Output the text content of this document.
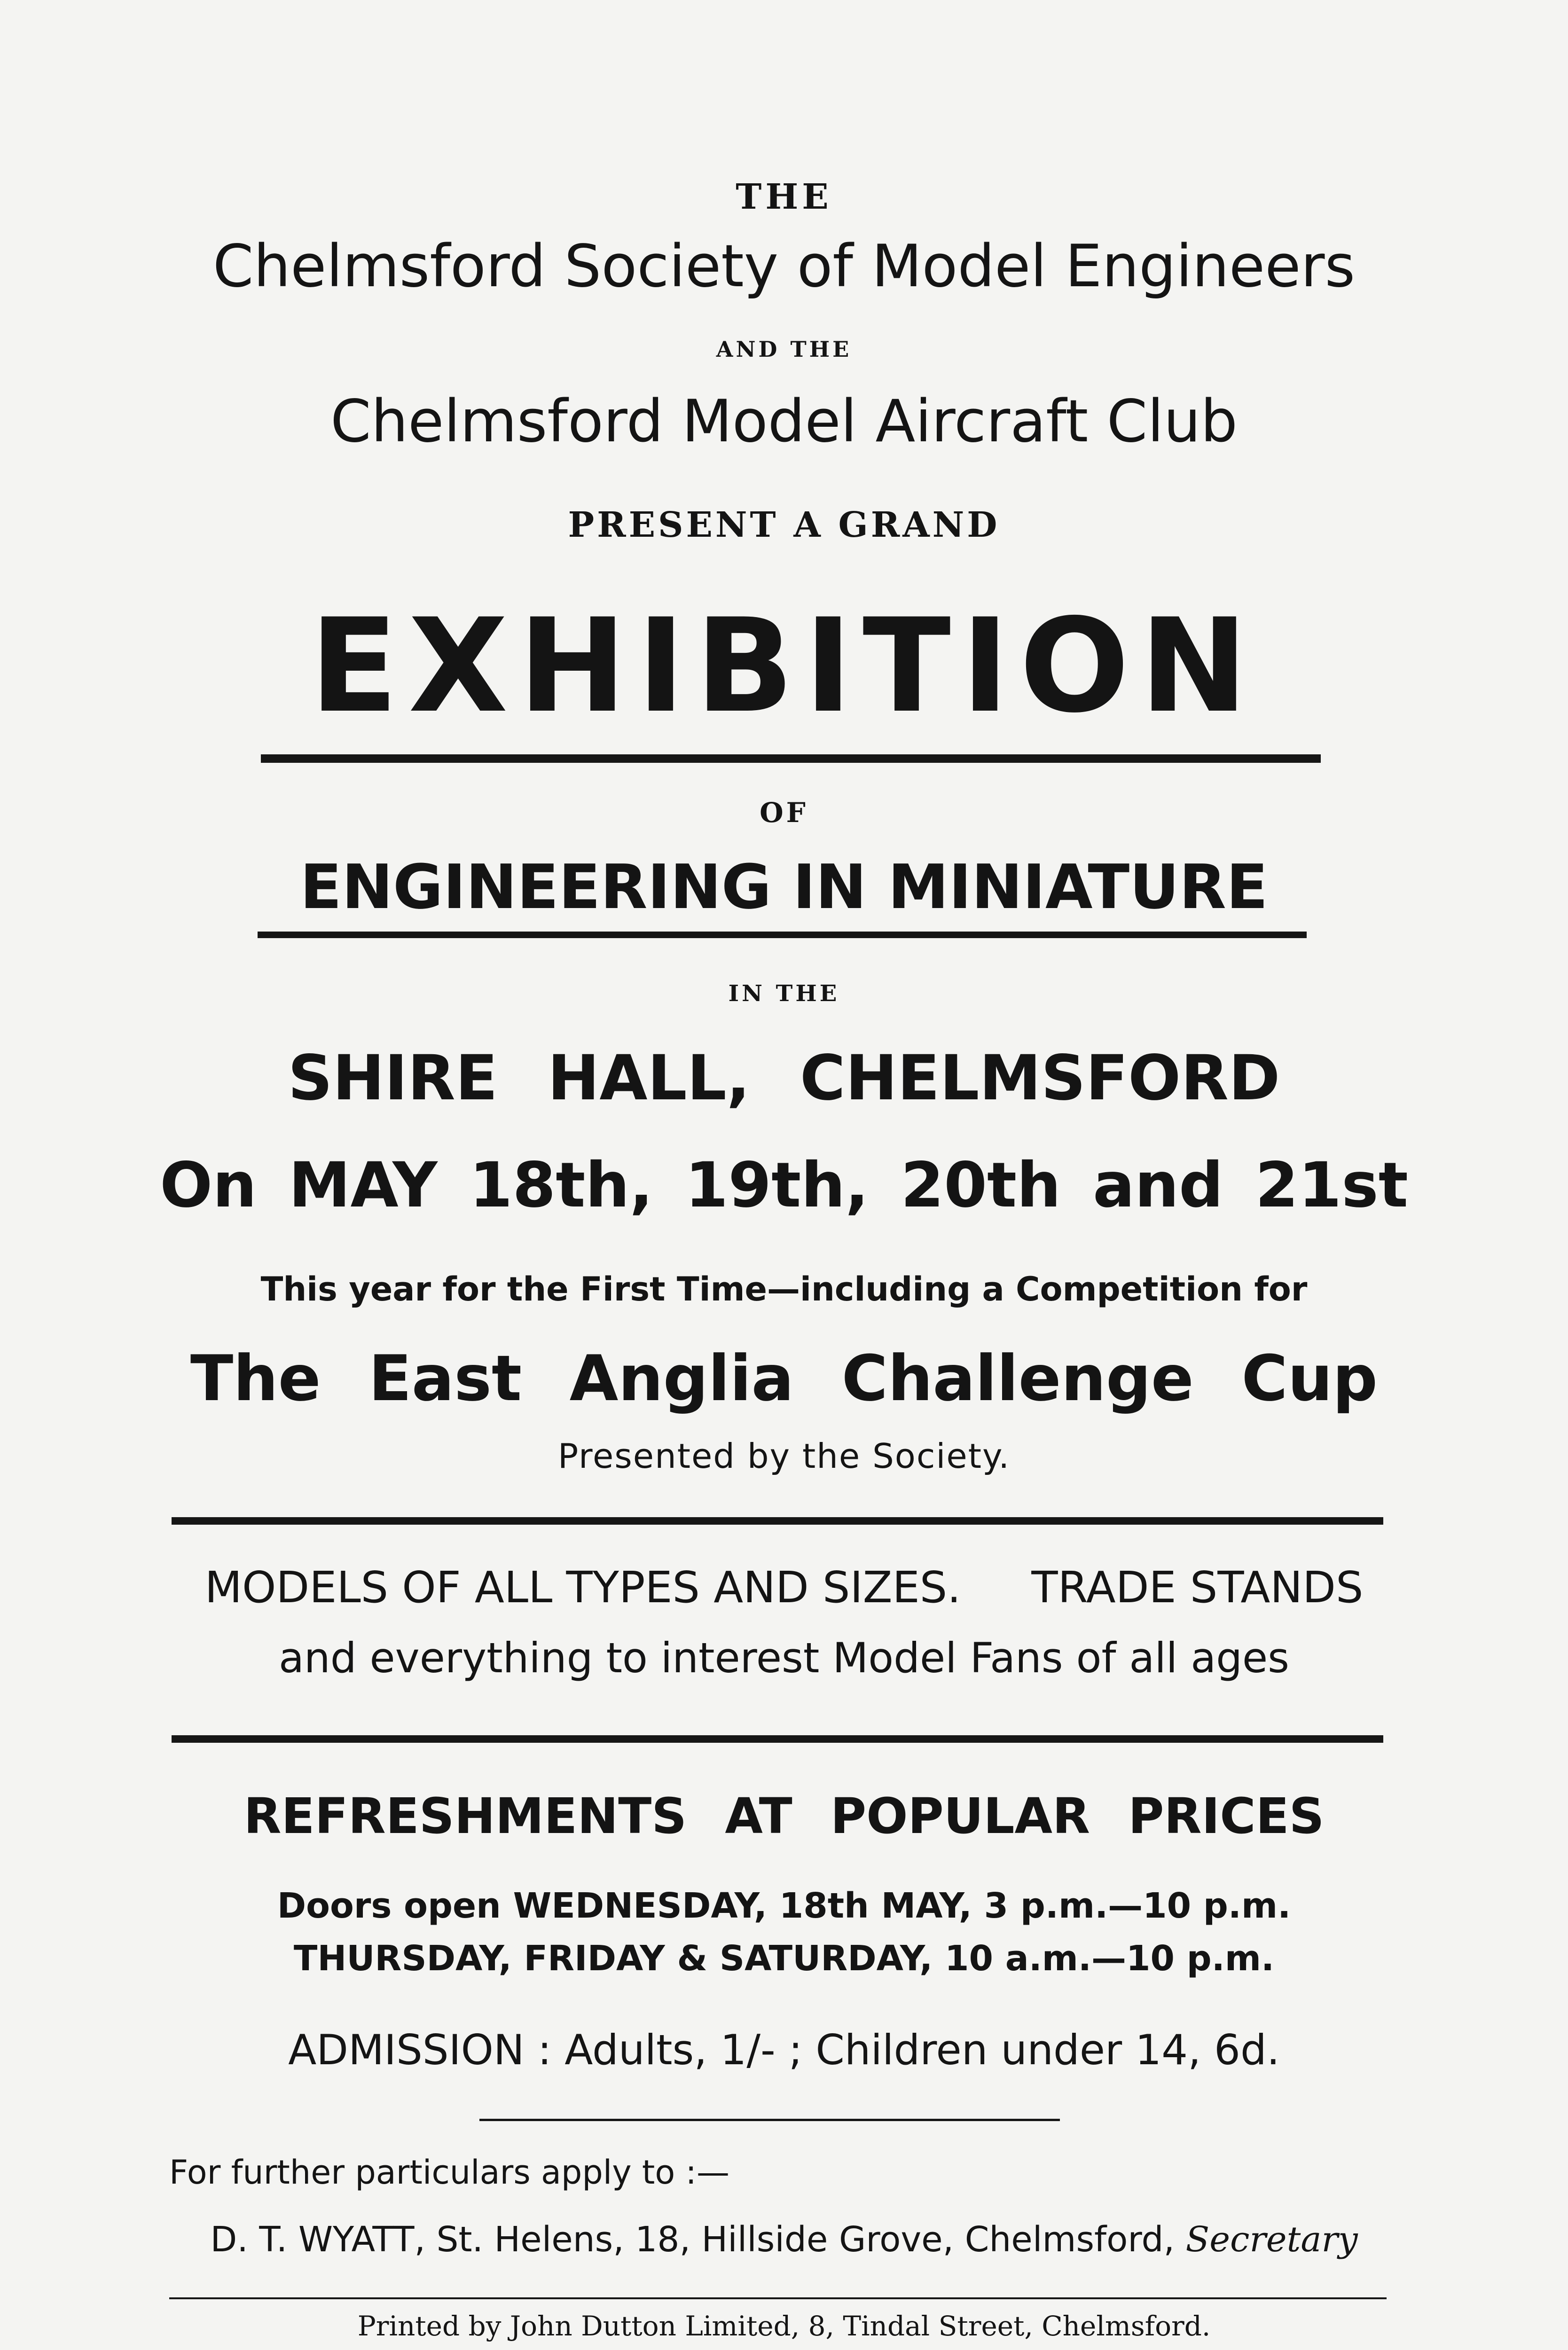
THE
Chelmsford Society of Model Engineers
AND THE
Chelmsford Model Aircraft Club
PRESENT A GRAND
EXHIBITION
OF
ENGINEERING IN MINIATURE
IN THE
SHIRE HALL, CHELMSFORD
On MAY 18th, 19th, 20th and 21st
This year for the First Time—including a Competition for
The East Anglia Challenge Cup
Presented by the Society.
MODELS OF ALL TYPES AND SIZES. TRADE STANDS
and everything to interest Model Fans of all ages
REFRESHMENTS AT POPULAR PRICES
Doors open WEDNESDAY, 18th MAY, 3 p.m.—10 p.m.
THURSDAY, FRIDAY & SATURDAY, 10 a.m.—10 p.m.
ADMISSION : Adults, 1/- ; Children under 14, 6d.
For further particulars apply to :—
D. T. WYATT, St. Helens, 18, Hillside Grove, Chelmsford, Secretary
Printed by John Dutton Limited, 8, Tindal Street, Chelmsford.
